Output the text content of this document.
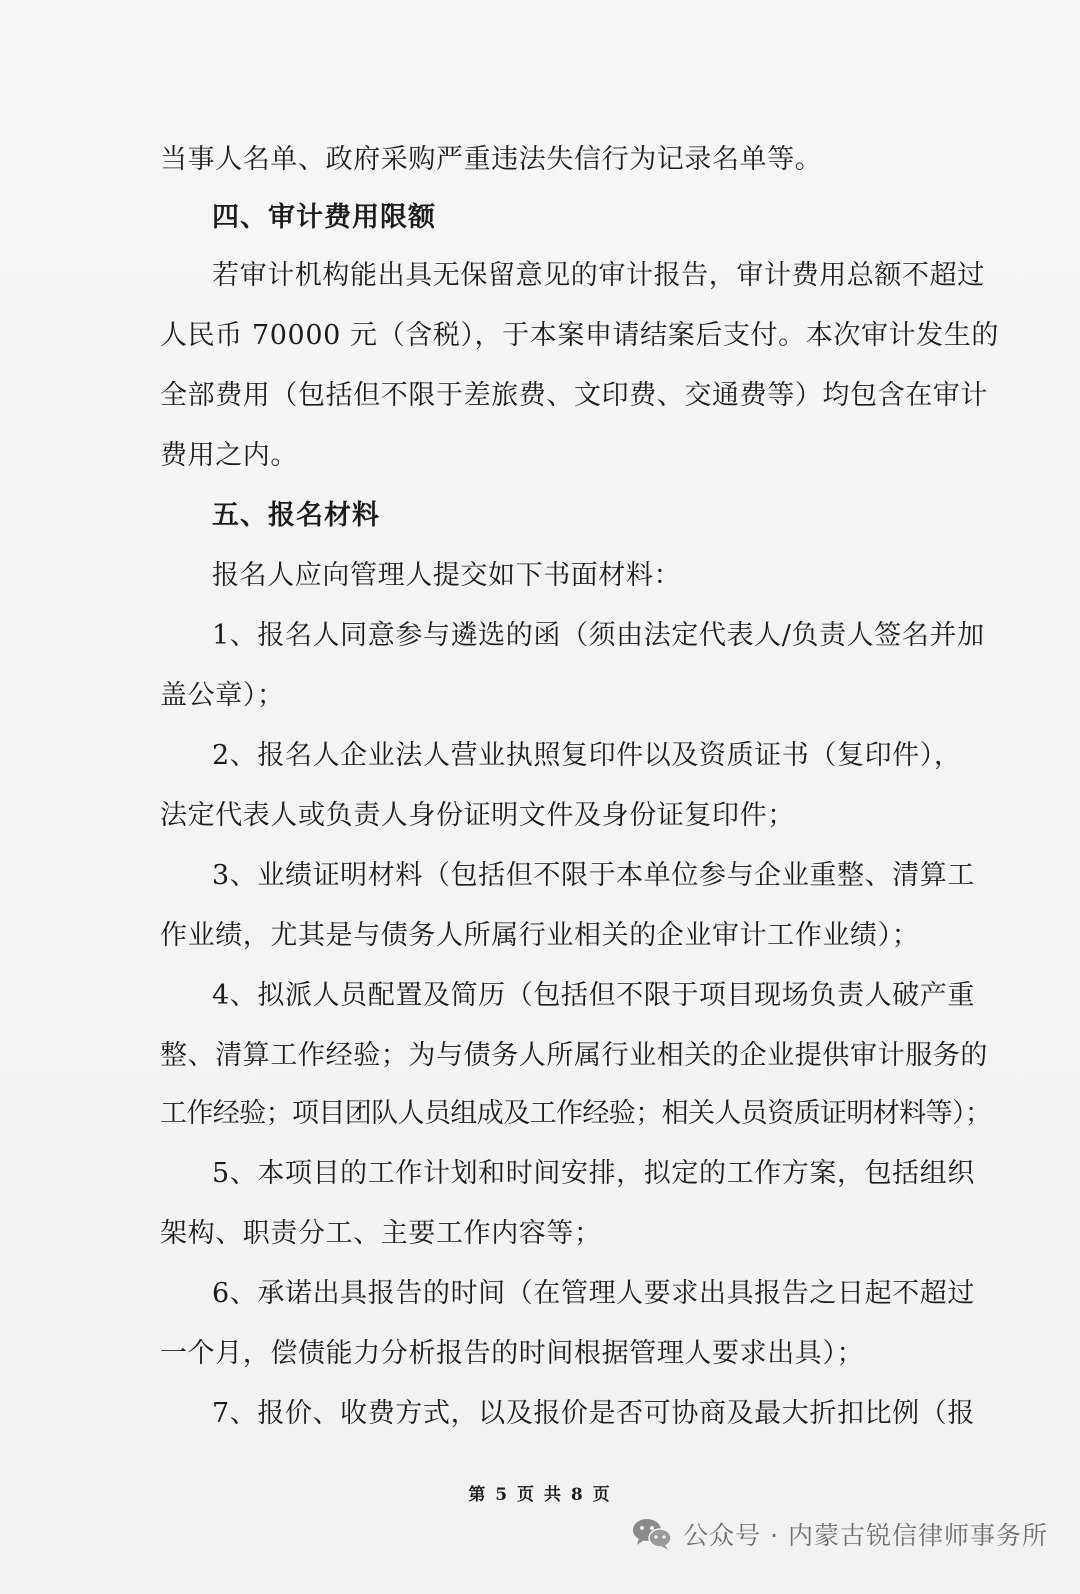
当事人名单、政府采购严重违法失信行为记录名单等。
四、审计费用限额
若审计机构能出具无保留意见的审计报告，审计费用总额不超过
人民币 70000 元（含税），于本案申请结案后支付。本次审计发生的
全部费用（包括但不限于差旅费、文印费、交通费等）均包含在审计
费用之内。
五、报名材料
报名人应向管理人提交如下书面材料：
1、报名人同意参与遴选的函（须由法定代表人/负责人签名并加
盖公章）；
2、报名人企业法人营业执照复印件以及资质证书（复印件），
法定代表人或负责人身份证明文件及身份证复印件；
3、业绩证明材料（包括但不限于本单位参与企业重整、清算工
作业绩，尤其是与债务人所属行业相关的企业审计工作业绩）；
4、拟派人员配置及简历（包括但不限于项目现场负责人破产重
整、清算工作经验；为与债务人所属行业相关的企业提供审计服务的
工作经验；项目团队人员组成及工作经验；相关人员资质证明材料等）；
5、本项目的工作计划和时间安排，拟定的工作方案，包括组织
架构、职责分工、主要工作内容等；
6、承诺出具报告的时间（在管理人要求出具报告之日起不超过
一个月，偿债能力分析报告的时间根据管理人要求出具）；
7、报价、收费方式，以及报价是否可协商及最大折扣比例（报
第 5 页 共 8 页
公众号 · 内蒙古锐信律师事务所
